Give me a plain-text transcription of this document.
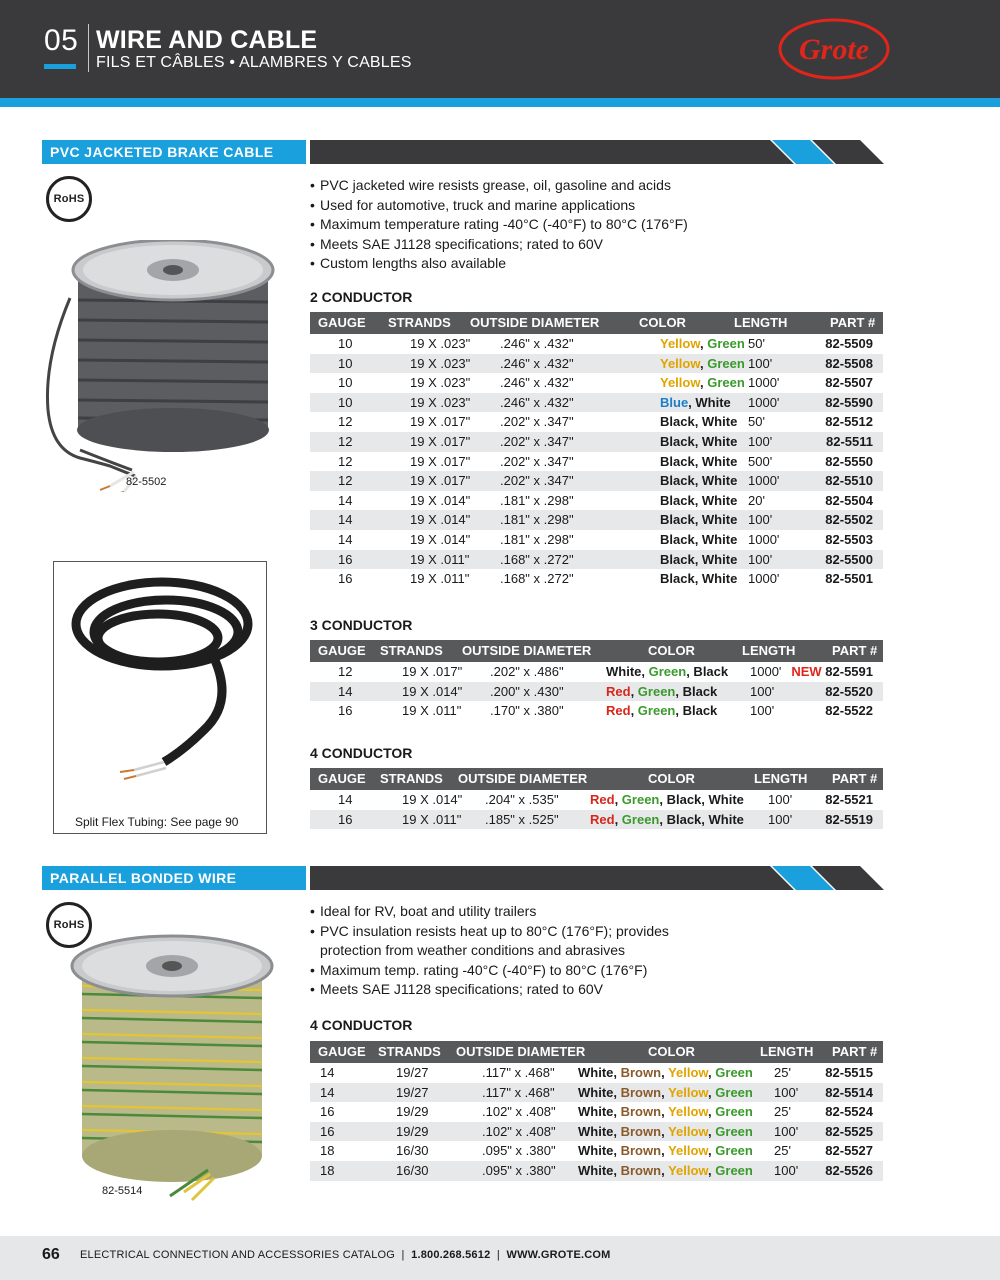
05 WIRE AND CABLE
FILS ET CÂBLES • ALAMBRES Y CABLES	Grote
PVC JACKETED BRAKE CABLE
RoHS
82-5502
Split Flex Tubing: See page 90
• PVC jacketed wire resists grease, oil, gasoline and acids
• Used for automotive, truck and marine applications
• Maximum temperature rating -40°C (-40°F) to 80°C (176°F)
• Meets SAE J1128 specifications; rated to 60V
• Custom lengths also available
2 CONDUCTOR
GAUGE STRANDS OUTSIDE DIAMETER	COLOR	LENGTH	PART #
10	19 X .023" .246" x .432"	Yellow, Green 50'	82-5509
10	19 X .023" .246" x .432"	Yellow, Green 100'	82-5508
10	19 X .023" .246" x .432"	Yellow, Green 1000'	82-5507
10	19 X .023" .246" x .432"	Blue, White 1000'	82-5590
12	19 X .017" .202" x .347"	Black, White 50'	82-5512
12	19 X .017" .202" x .347"	Black, White 100'	82-5511
12	19 X .017" .202" x .347"	Black, White 500'	82-5550
12	19 X .017" .202" x .347"	Black, White 1000'	82-5510
14	19 X .014" .181" x .298"	Black, White 20'	82-5504
14	19 X .014" .181" x .298"	Black, White 100'	82-5502
14	19 X .014" .181" x .298"	Black, White 1000'	82-5503
16	19 X .011" .168" x .272"	Black, White 100'	82-5500
16	19 X .011" .168" x .272"	Black, White 1000'	82-5501
3 CONDUCTOR
GAUGE STRANDS OUTSIDE DIAMETER	COLOR	LENGTH	PART #
12	19 X .017" .202" x .486"	White, Green, Black 1000' NEW 82-5591
14	19 X .014" .200" x .430"	Red, Green, Black	100'	82-5520
16	19 X .011" .170" x .380"	Red, Green, Black	100'	82-5522
4 CONDUCTOR
GAUGE STRANDS OUTSIDE DIAMETER	COLOR	LENGTH PART #
14	19 X .014" .204" x .535" Red, Green, Black, White 100'	82-5521
16	19 X .011" .185" x .525" Red, Green, Black, White 100'	82-5519
PARALLEL BONDED WIRE
RoHS
82-5514
• Ideal for RV, boat and utility trailers
• PVC insulation resists heat up to 80°C (176°F); provides
protection from weather conditions and abrasives
• Maximum temp. rating -40°C (-40°F) to 80°C (176°F)
• Meets SAE J1128 specifications; rated to 60V
4 CONDUCTOR
GAUGE STRANDS OUTSIDE DIAMETER	COLOR	LENGTH PART #
14	19/27	.117" x .468" White, Brown, Yellow, Green 25'	82-5515
14	19/27	.117" x .468" White, Brown, Yellow, Green 100' 82-5514
16	19/29	.102" x .408" White, Brown, Yellow, Green 25'	82-5524
16	19/29	.102" x .408" White, Brown, Yellow, Green 100' 82-5525
18	16/30	.095" x .380" White, Brown, Yellow, Green 25'	82-5527
18	16/30	.095" x .380" White, Brown, Yellow, Green 100' 82-5526
66 ELECTRICAL CONNECTION AND ACCESSORIES CATALOG | 1.800.268.5612 | WWW.GROTE.COM
